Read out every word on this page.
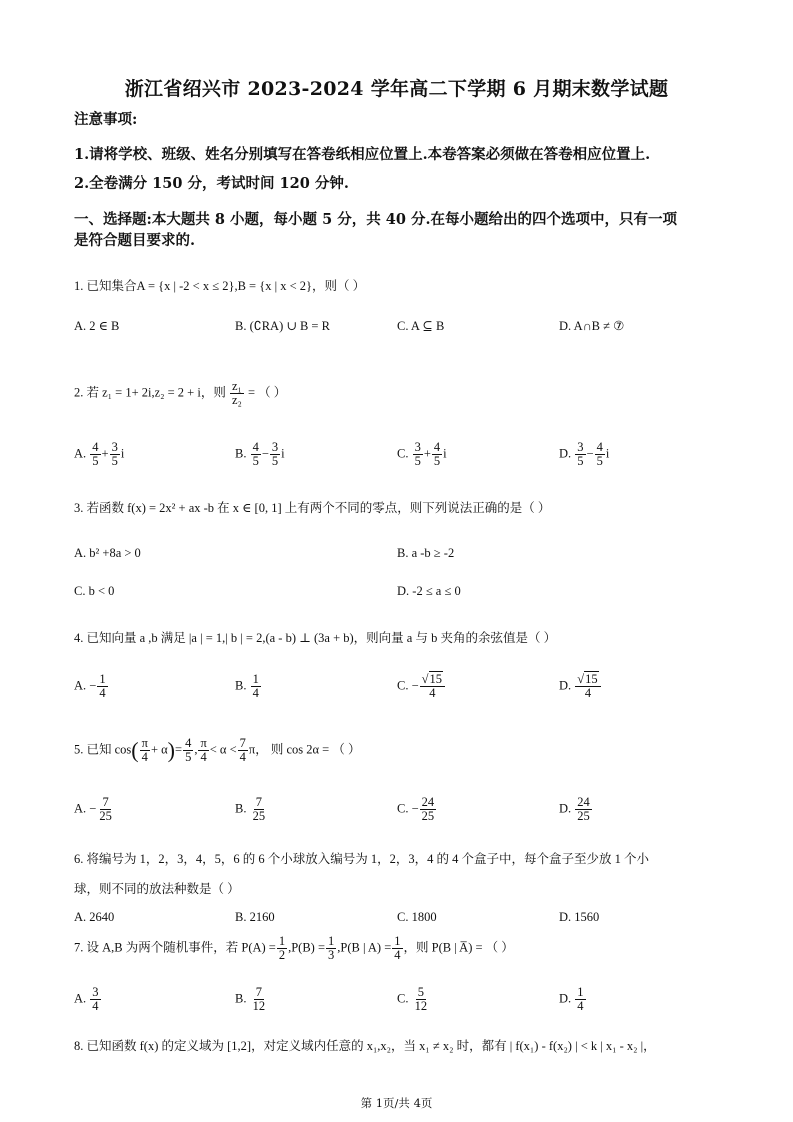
浙江省绍兴市 2023-2024 学年高二下学期 6 月期末数学试题
注意事项:
1.请将学校、班级、姓名分别填写在答卷纸相应位置上.本卷答案必须做在答卷相应位置上.
2.全卷满分 150 分，考试时间 120 分钟.
一、选择题:本大题共 8 小题，每小题 5 分，共 40 分.在每小题给出的四个选项中，只有一项
是符合题目要求的.
1. 已知集合A = {x | -2 < x ≤ 2},B = {x | x < 2}，则（ ）
A. 2 ∈ B	B. (∁RA) ∪ B = R	C. A ⊆ B	D. A∩B ≠ ⑦
2. 若 z₁ = 1+ 2i,z₂ = 2 + i，则 $\frac{\text{z₁}}{\text{z₂}}$ = （ ）
A. $\frac{4}{5} + \frac{3}{5}$ i	B. $\frac{4}{5} - \frac{3}{5}$ i	C. $\frac{3}{5} + \frac{4}{5}$ i	D. $\frac{3}{5} - \frac{4}{5}$ i
3. 若函数 f(x) = 2x² + ax -b 在 x ∈ [0, 1] 上有两个不同的零点，则下列说法正确的是（ ）
A. b² +8a > 0	B. a -b ≥ -2
C. b < 0	D. -2 ≤ a ≤ 0
4. 已知向量 a ,b 满足 |a | = 1,| b | = 2,(a - b) ⊥ (3a + b)，则向量 a 与 b 夹角的余弦值是（ ）
A. − $\frac{1}{4}$	B. $\frac{1}{4}$	C. − $\frac{√15}{4}$	D. $\frac{√15}{4}$
5. 已知 $\cos( \frac{\pi}{4} + \alpha)= \frac{4}{5}$ , $\frac{\pi}{4} < \alpha < \frac{7}{4}$ π， 则 cos 2α = （ ）
A. − $\frac{7}{25}$	B. $\frac{7}{25}$	C. − $\frac{24}{25}$	D. $\frac{24}{25}$
6. 将编号为 1，2，3，4，5，6 的 6 个小球放入编号为 1，2，3，4 的 4 个盒子中，每个盒子至少放 1 个小
球，则不同的放法种数是（ ）
A. 2640	B. 2160	C. 1800	D. 1560
7. 设 A,B 为两个随机事件，若 $P(A) = \frac{1}{2} ,P(B) = \frac{1}{3} ,P(B$ | $A) = \frac{1}{4}$ ，则 P(B | A̅) = （ ）
A. $\frac{3}{4}$	B. $\frac{7}{12}$	C. $\frac{5}{12}$	D. $\frac{1}{4}$
8. 已知函数 f(x) 的定义域为 [1,2]，对定义域内任意的 x₁,x₂，当 x₁ ≠ x₂ 时，都有 | f(x₁) - f(x₂) | < k | x₁ - x₂ |，
第 1页/共 4页
